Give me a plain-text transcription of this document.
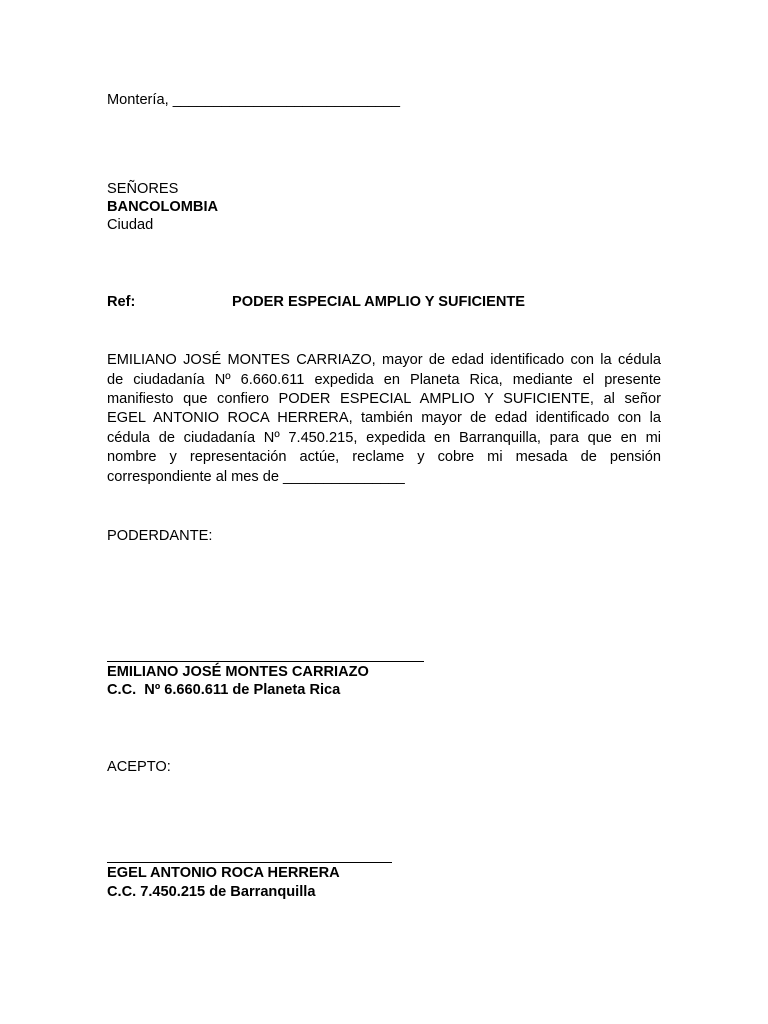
Montería, ____________________________
SEÑORES
BANCOLOMBIA
Ciudad
Ref:	PODER ESPECIAL AMPLIO Y SUFICIENTE
EMILIANO JOSÉ MONTES CARRIAZO, mayor de edad identificado con la cédula
de ciudadanía Nº 6.660.611 expedida en Planeta Rica, mediante el presente
manifiesto que confiero PODER ESPECIAL AMPLIO Y SUFICIENTE, al señor
EGEL ANTONIO ROCA HERRERA, también mayor de edad identificado con la
cédula de ciudadanía Nº 7.450.215, expedida en Barranquilla, para que en mi
nombre y representación actúe, reclame y cobre mi mesada de pensión
correspondiente al mes de _______________
PODERDANTE:
EMILIANO JOSÉ MONTES CARRIAZO
C.C.  Nº 6.660.611 de Planeta Rica
ACEPTO:
EGEL ANTONIO ROCA HERRERA
C.C. 7.450.215 de Barranquilla
